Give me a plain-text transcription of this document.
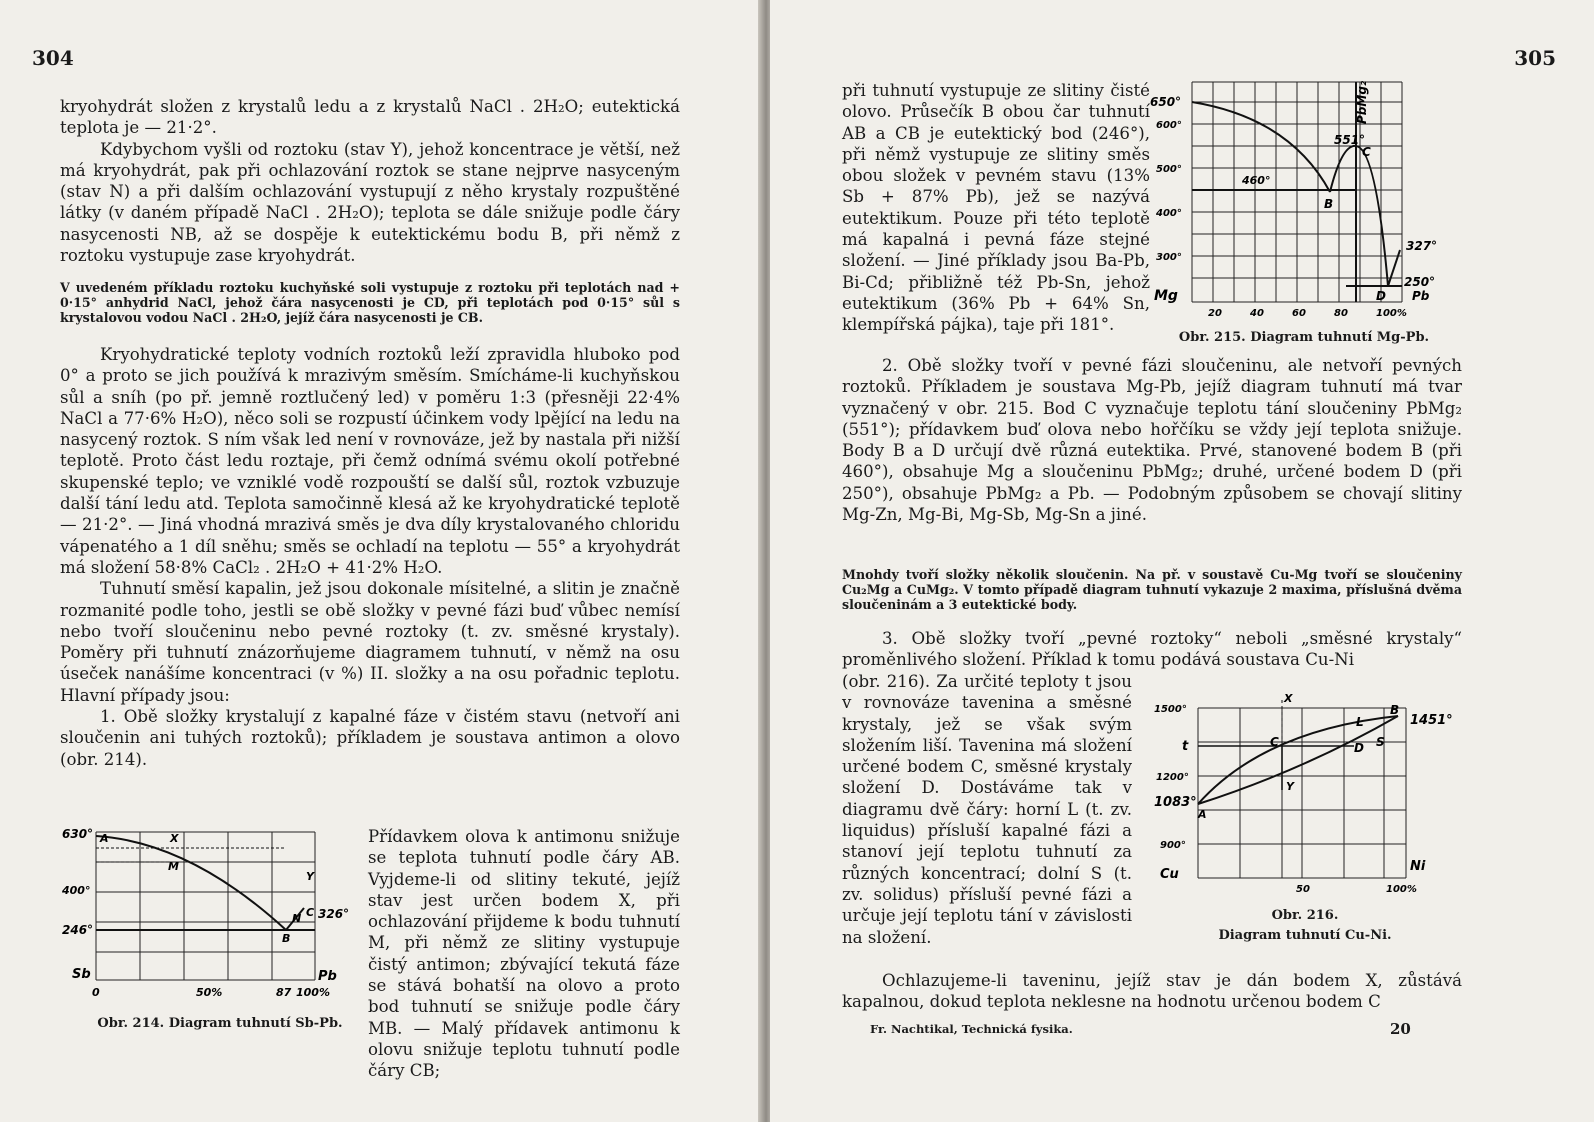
304

kryohydrát složen z krystalů ledu a z krystalů NaCl . 2H₂O; eutektická teplota je — 21·2°.

Kdybychom vyšli od roztoku (stav Y), jehož koncentrace je větší, než má kryohydrát, pak při ochlazování roztok se stane nejprve nasyceným (stav N) a při dalším ochlazování vystupují z něho krystaly rozpuštěné látky (v daném případě NaCl . 2H₂O); teplota se dále snižuje podle čáry nasycenosti NB, až se dospěje k eutektickému bodu B, při němž z roztoku vystupuje zase kryohydrát.

V uvedeném příkladu roztoku kuchyňské soli vystupuje z roztoku při teplotách nad + 0·15° anhydrid NaCl, jehož čára nasycenosti je CD, při teplotách pod 0·15° sůl s krystalovou vodou NaCl . 2H₂O, jejíž čára nasycenosti je CB.

Kryohydratické teploty vodních roztoků leží zpravidla hluboko pod 0° a proto se jich používá k mrazivým směsím. Smícháme-li kuchyňskou sůl a sníh (po př. jemně roztlučený led) v poměru 1:3 (přesněji 22·4% NaCl a 77·6% H₂O), něco soli se rozpustí účinkem vody lpějící na ledu na nasycený roztok. S ním však led není v rovnováze, jež by nastala při nižší teplotě. Proto část ledu roztaje, při čemž odnímá svému okolí potřebné skupenské teplo; ve vzniklé vodě rozpouští se další sůl, roztok vzbuzuje další tání ledu atd. Teplota samočinně klesá až ke kryohydratické teplotě — 21·2°. — Jiná vhodná mrazivá směs je dva díly krystalovaného chloridu vápenatého a 1 díl sněhu; směs se ochladí na teplotu — 55° a kryohydrát má složení 58·8% CaCl₂ . 2H₂O + 41·2% H₂O.

Tuhnutí směsí kapalin, jež jsou dokonale mísitelné, a slitin je značně rozmanité podle toho, jestli se obě složky v pevné fázi buď vůbec nemísí nebo tvoří sloučeninu nebo pevné roztoky (t. zv. směsné krystaly). Poměry při tuhnutí znázorňujeme diagramem tuhnutí, v němž na osu úseček nanášíme koncentraci (v %) II. složky a na osu pořadnic teplotu. Hlavní případy jsou:

1. Obě složky krystalují z kapalné fáze v čistém stavu (netvoří ani sloučenin ani tuhých roztoků); příkladem je soustava antimon a olovo (obr. 214).

Přídavkem olova k antimonu snižuje se teplota tuhnutí podle čáry AB. Vyjdeme-li od slitiny tekuté, jejíž stav jest určen bodem X, při ochlazování přijdeme k bodu tuhnutí M, při němž ze slitiny vystupuje čistý antimon; zbývající tekutá fáze se stává bohatší na olovo a proto bod tuhnutí se snižuje podle čáry MB. — Malý přídavek antimonu k olovu snižuje teplotu tuhnutí podle čáry CB;
630°
400°
246°
326°
Sb	Pb
0	50%	87 100%
A	X
M
Y
N C
B
Obr. 214. Diagram tuhnutí Sb-Pb.
305
při tuhnutí vystupuje ze slitiny čisté olovo. Průsečík B obou čar tuhnutí AB a CB je eutektický bod (246°), při němž vystupuje ze slitiny směs obou složek v pevném stavu (13% Sb + 87% Pb), jež se nazývá eutektikum. Pouze při této teplotě má kapalná i pevná fáze stejné složení. — Jiné příklady jsou Ba-Pb, Bi-Cd; přibližně též Pb-Sn, jehož eutektikum (36% Pb + 64% Sn, klempířská pájka), taje při 181°.
650°
600°
500°
400°
300°
Mg
460°
551°
327°
250°
Pb
PbMg₂
B
C
D
20	40	60	80	100%
Obr. 215. Diagram tuhnutí Mg-Pb.

2. Obě složky tvoří v pevné fázi sloučeninu, ale netvoří pevných roztoků. Příkladem je soustava Mg-Pb, jejíž diagram tuhnutí má tvar vyznačený v obr. 215. Bod C vyznačuje teplotu tání sloučeniny PbMg₂ (551°); přídavkem buď olova nebo hořčíku se vždy její teplota snižuje. Body B a D určují dvě různá eutektika. Prvé, stanovené bodem B (při 460°), obsahuje Mg a sloučeninu PbMg₂; druhé, určené bodem D (při 250°), obsahuje PbMg₂ a Pb. — Podobným způsobem se chovají slitiny Mg-Zn, Mg-Bi, Mg-Sb, Mg-Sn a jiné.

Mnohdy tvoří složky několik sloučenin. Na př. v soustavě Cu-Mg tvoří se sloučeniny Cu₂Mg a CuMg₂. V tomto případě diagram tuhnutí vykazuje 2 maxima, příslušná dvěma sloučeninám a 3 eutektické body.

3. Obě složky tvoří „pevné roztoky“ neboli „směsné krystaly“ proměnlivého složení. Příklad k tomu podává soustava Cu-Ni

(obr. 216). Za určité teploty t jsou v rovnováze tavenina a směsné krystaly, jež se však svým složením liší. Tavenina má složení určené bodem C, směsné krystaly složení D. Dostáváme tak v diagramu dvě čáry: horní L (t. zv. liquidus) přísluší kapalné fázi a stanoví její teplotu tuhnutí za různých koncentrací; dolní S (t. zv. solidus) přísluší pevné fázi a určuje její teplotu tání v závislosti na složení.
1500°
t
1200°
1083°
900°
1451°
Cu
Ni
50	100%
A
B
C	D
L
S
X
Y
Obr. 216.
Diagram tuhnutí Cu-Ni.

Ochlazujeme-li taveninu, jejíž stav je dán bodem X, zůstává kapalnou, dokud teplota neklesne na hodnotu určenou bodem C

Fr. Nachtikal, Technická fysika.	20
